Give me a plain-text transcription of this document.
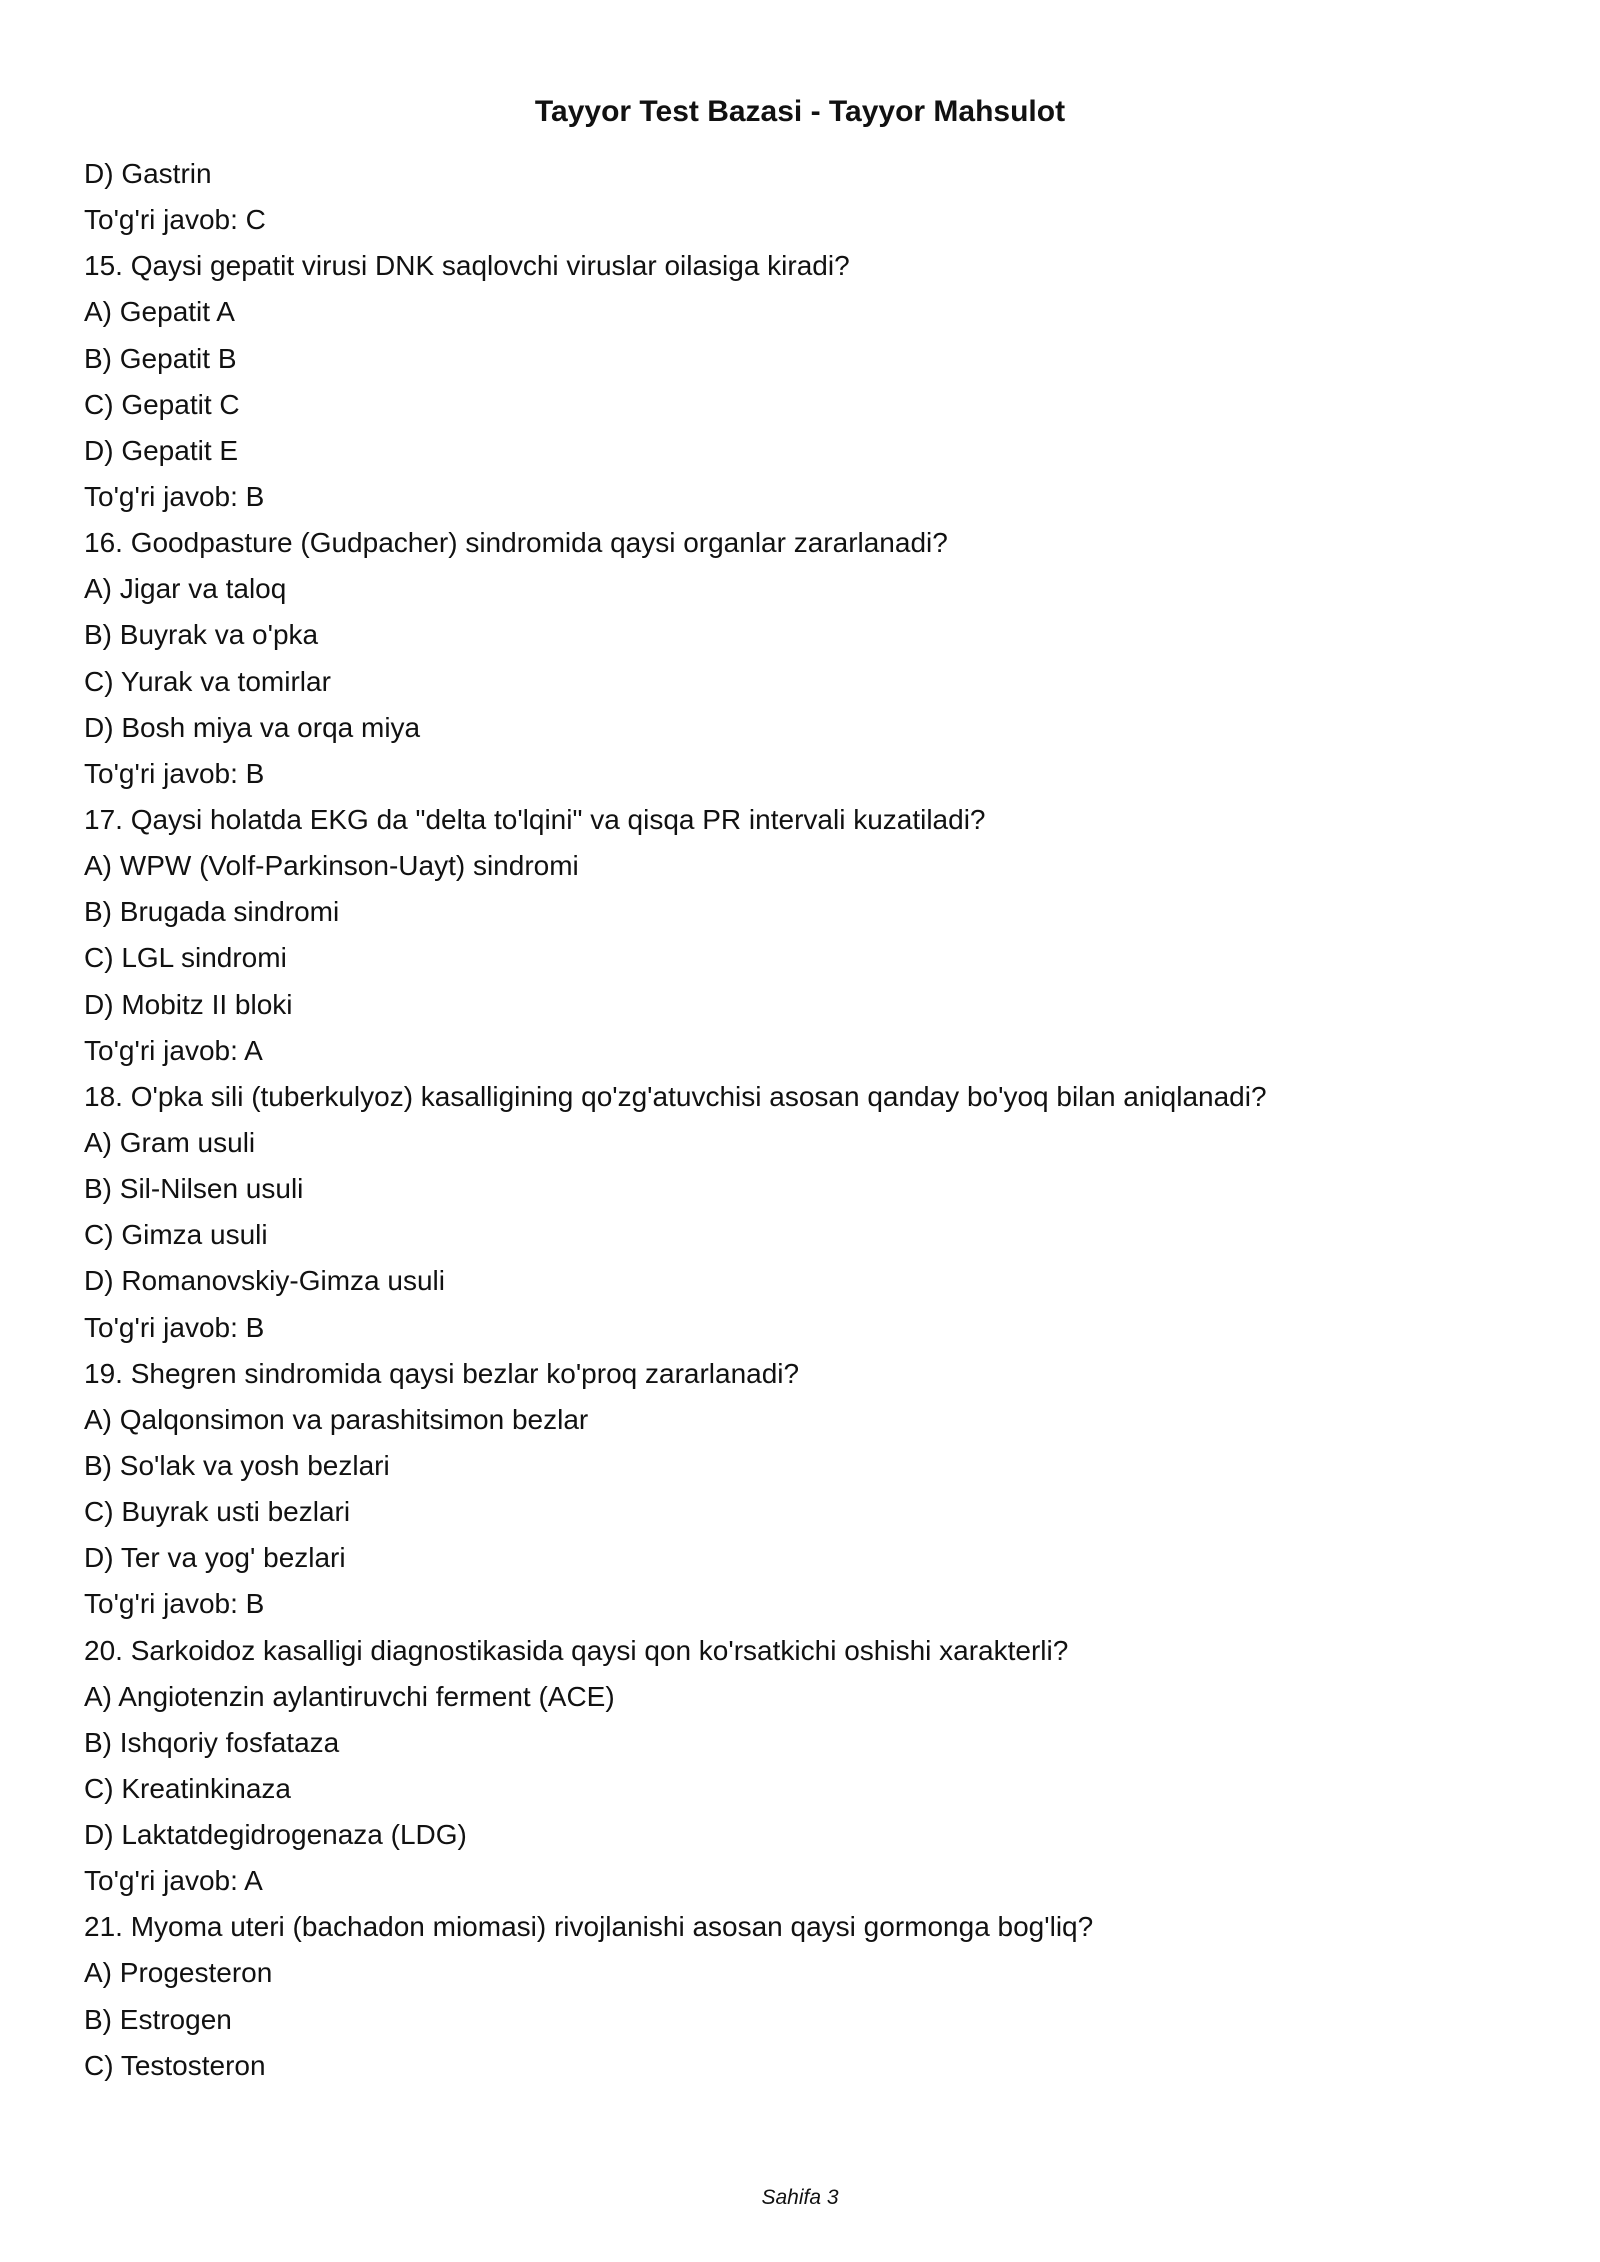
Tayyor Test Bazasi - Tayyor Mahsulot
D) Gastrin
To'g'ri javob: C
15. Qaysi gepatit virusi DNK saqlovchi viruslar oilasiga kiradi?
A) Gepatit A
B) Gepatit B
C) Gepatit C
D) Gepatit E
To'g'ri javob: B
16. Goodpasture (Gudpacher) sindromida qaysi organlar zararlanadi?
A) Jigar va taloq
B) Buyrak va o'pka
C) Yurak va tomirlar
D) Bosh miya va orqa miya
To'g'ri javob: B
17. Qaysi holatda EKG da "delta to'lqini" va qisqa PR intervali kuzatiladi?
A) WPW (Volf-Parkinson-Uayt) sindromi
B) Brugada sindromi
C) LGL sindromi
D) Mobitz II bloki
To'g'ri javob: A
18. O'pka sili (tuberkulyoz) kasalligining qo'zg'atuvchisi asosan qanday bo'yoq bilan aniqlanadi?
A) Gram usuli
B) Sil-Nilsen usuli
C) Gimza usuli
D) Romanovskiy-Gimza usuli
To'g'ri javob: B
19. Shegren sindromida qaysi bezlar ko'proq zararlanadi?
A) Qalqonsimon va parashitsimon bezlar
B) So'lak va yosh bezlari
C) Buyrak usti bezlari
D) Ter va yog' bezlari
To'g'ri javob: B
20. Sarkoidoz kasalligi diagnostikasida qaysi qon ko'rsatkichi oshishi xarakterli?
A) Angiotenzin aylantiruvchi ferment (ACE)
B) Ishqoriy fosfataza
C) Kreatinkinaza
D) Laktatdegidrogenaza (LDG)
To'g'ri javob: A
21. Myoma uteri (bachadon miomasi) rivojlanishi asosan qaysi gormonga bog'liq?
A) Progesteron
B) Estrogen
C) Testosteron
Sahifa 3
